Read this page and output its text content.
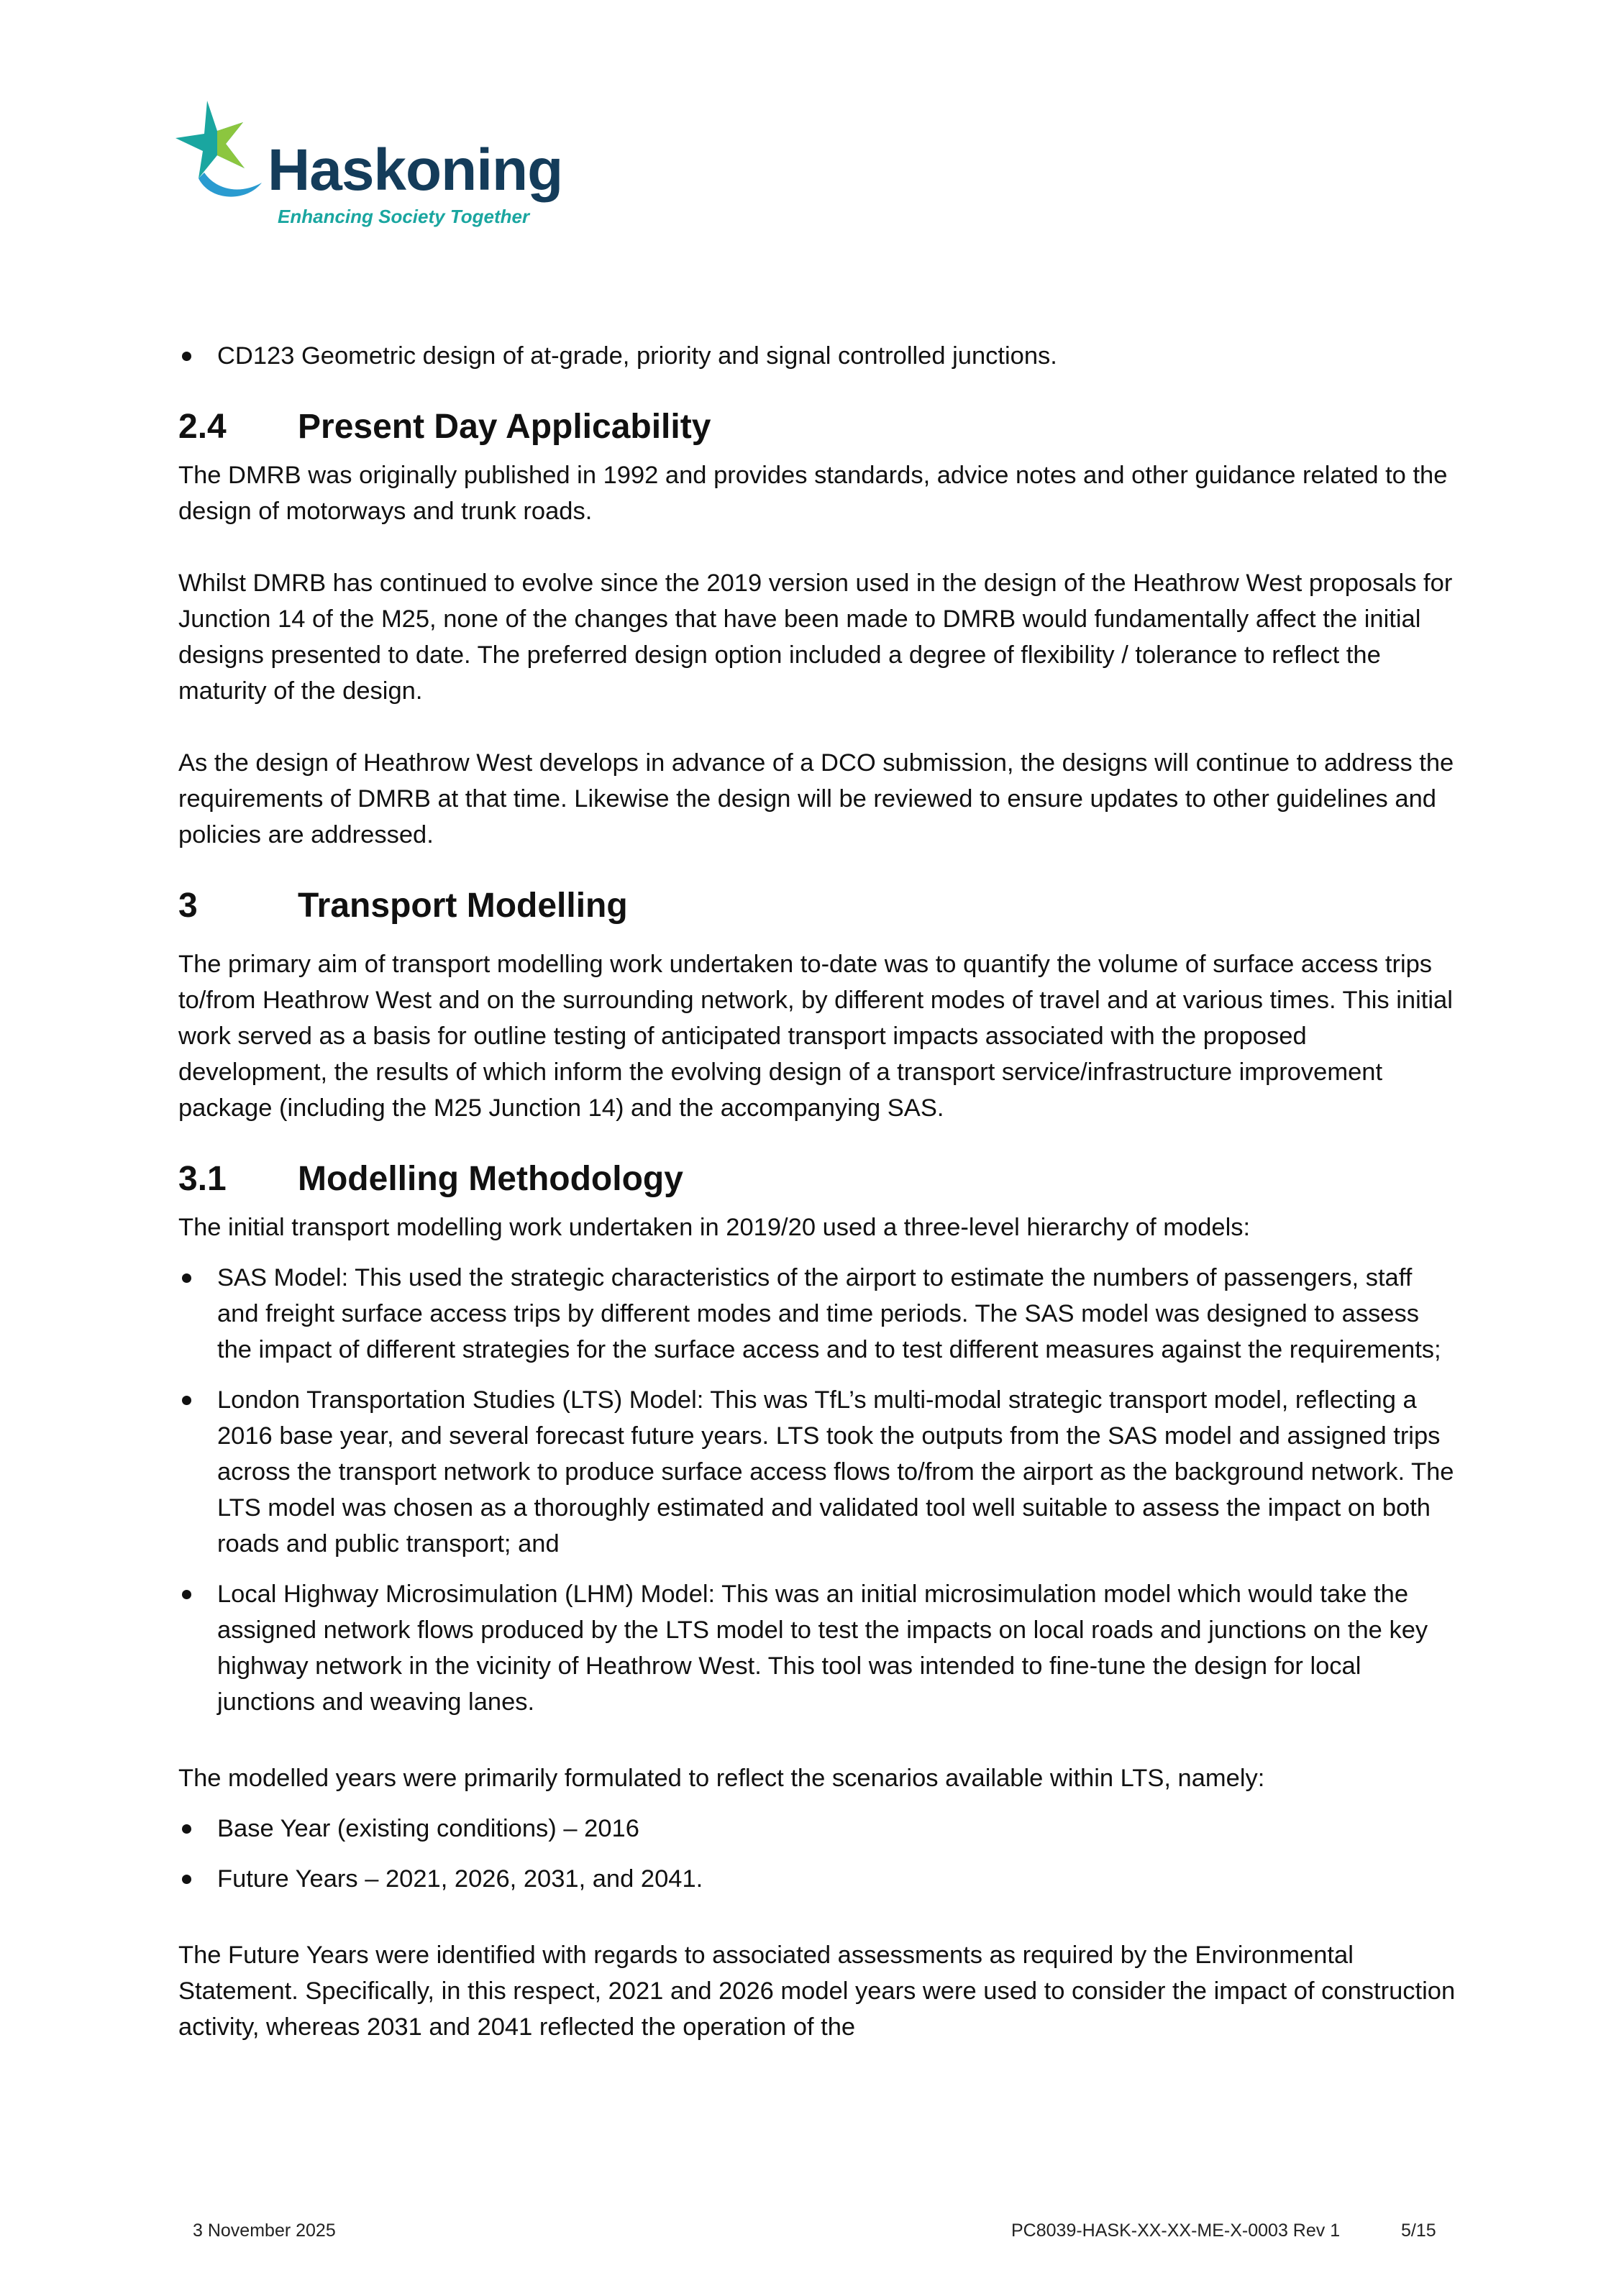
Haskoning
Enhancing Society Together
CD123 Geometric design of at-grade, priority and signal controlled junctions.
2.4	Present Day Applicability

The DMRB was originally published in 1992 and provides standards, advice notes and other guidance related to the design of motorways and trunk roads.

Whilst DMRB has continued to evolve since the 2019 version used in the design of the Heathrow West proposals for Junction 14 of the M25, none of the changes that have been made to DMRB would fundamentally affect the initial designs presented to date. The preferred design option included a degree of flexibility / tolerance to reflect the maturity of the design.

As the design of Heathrow West develops in advance of a DCO submission, the designs will continue to address the requirements of DMRB at that time. Likewise the design will be reviewed to ensure updates to other guidelines and policies are addressed.

3	Transport Modelling

The primary aim of transport modelling work undertaken to-date was to quantify the volume of surface access trips to/from Heathrow West and on the surrounding network, by different modes of travel and at various times. This initial work served as a basis for outline testing of anticipated transport impacts associated with the proposed development, the results of which inform the evolving design of a transport service/infrastructure improvement package (including the M25 Junction 14) and the accompanying SAS.

3.1	Modelling Methodology

The initial transport modelling work undertaken in 2019/20 used a three-level hierarchy of models:

SAS Model: This used the strategic characteristics of the airport to estimate the numbers of passengers, staff and freight surface access trips by different modes and time periods. The SAS model was designed to assess the impact of different strategies for the surface access and to test different measures against the requirements;
London Transportation Studies (LTS) Model: This was TfL’s multi-modal strategic transport model, reflecting a 2016 base year, and several forecast future years. LTS took the outputs from the SAS model and assigned trips across the transport network to produce surface access flows to/from the airport as the background network. The LTS model was chosen as a thoroughly estimated and validated tool well suitable to assess the impact on both roads and public transport; and
Local Highway Microsimulation (LHM) Model: This was an initial microsimulation model which would take the assigned network flows produced by the LTS model to test the impacts on local roads and junctions on the key highway network in the vicinity of Heathrow West. This tool was intended to fine-tune the design for local junctions and weaving lanes.

The modelled years were primarily formulated to reflect the scenarios available within LTS, namely:

Base Year (existing conditions) – 2016
Future Years – 2021, 2026, 2031, and 2041.

The Future Years were identified with regards to associated assessments as required by the Environmental Statement. Specifically, in this respect, 2021 and 2026 model years were used to consider the impact of construction activity, whereas 2031 and 2041 reflected the operation of the

3 November 2025	PC8039-HASK-XX-XX-ME-X-0003 Rev 1	5/15
